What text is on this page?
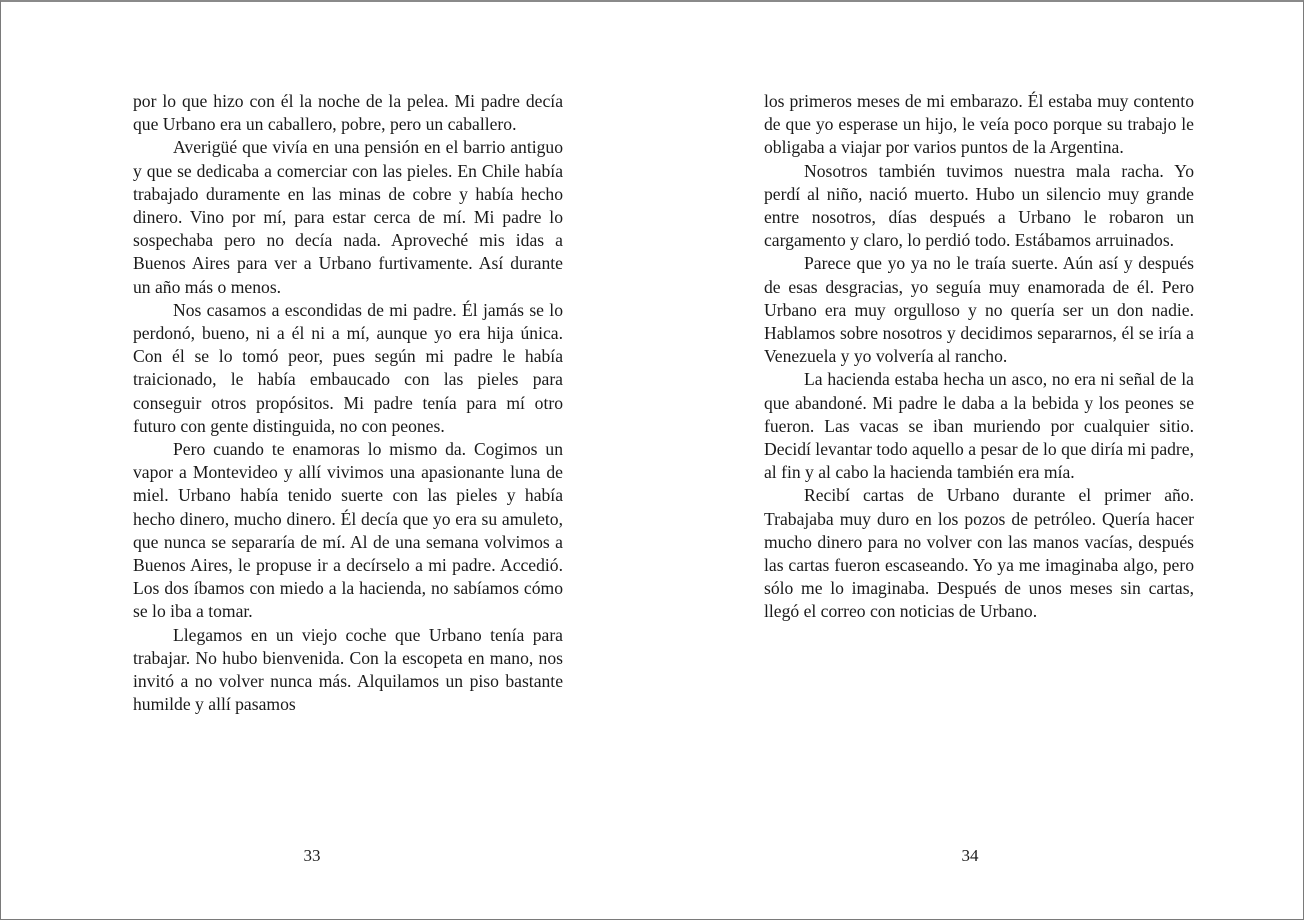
por lo que hizo con él la noche de la pelea. Mi padre decía que Urbano era un caballero, pobre, pero un caballero.

Averigüé que vivía en una pensión en el barrio antiguo y que se dedicaba a comerciar con las pieles. En Chile había trabajado duramente en las minas de cobre y había hecho dinero. Vino por mí, para estar cerca de mí. Mi padre lo sospechaba pero no decía nada. Aproveché mis idas a Buenos Aires para ver a Urbano furtivamente. Así durante un año más o menos.

Nos casamos a escondidas de mi padre. Él jamás se lo perdonó, bueno, ni a él ni a mí, aunque yo era hija única. Con él se lo tomó peor, pues según mi padre le había traicionado, le había embaucado con las pieles para conseguir otros propósitos. Mi padre tenía para mí otro futuro con gente distinguida, no con peones.

Pero cuando te enamoras lo mismo da. Cogimos un vapor a Montevideo y allí vivimos una apasionante luna de miel. Urbano había tenido suerte con las pieles y había hecho dinero, mucho dinero. Él decía que yo era su amuleto, que nunca se separaría de mí. Al de una semana volvimos a Buenos Aires, le propuse ir a decírselo a mi padre. Accedió. Los dos íbamos con miedo a la hacienda, no sabíamos cómo se lo iba a tomar.

Llegamos en un viejo coche que Urbano tenía para trabajar. No hubo bienvenida. Con la escopeta en mano, nos invitó a no volver nunca más. Alquilamos un piso bastante humilde y allí pasamos

los primeros meses de mi embarazo. Él estaba muy contento de que yo esperase un hijo, le veía poco porque su trabajo le obligaba a viajar por varios puntos de la Argentina.

Nosotros también tuvimos nuestra mala racha. Yo perdí al niño, nació muerto. Hubo un silencio muy grande entre nosotros, días después a Urbano le robaron un cargamento y claro, lo perdió todo. Estábamos arruinados.

Parece que yo ya no le traía suerte. Aún así y después de esas desgracias, yo seguía muy enamorada de él. Pero Urbano era muy orgulloso y no quería ser un don nadie. Hablamos sobre nosotros y decidimos separarnos, él se iría a Venezuela y yo volvería al rancho.

La hacienda estaba hecha un asco, no era ni señal de la que abandoné. Mi padre le daba a la bebida y los peones se fueron. Las vacas se iban muriendo por cualquier sitio. Decidí levantar todo aquello a pesar de lo que diría mi padre, al fin y al cabo la hacienda también era mía.

Recibí cartas de Urbano durante el primer año. Trabajaba muy duro en los pozos de petróleo. Quería hacer mucho dinero para no volver con las manos vacías, después las cartas fueron escaseando. Yo ya me imaginaba algo, pero sólo me lo imaginaba. Después de unos meses sin cartas, llegó el correo con noticias de Urbano.

33	34
